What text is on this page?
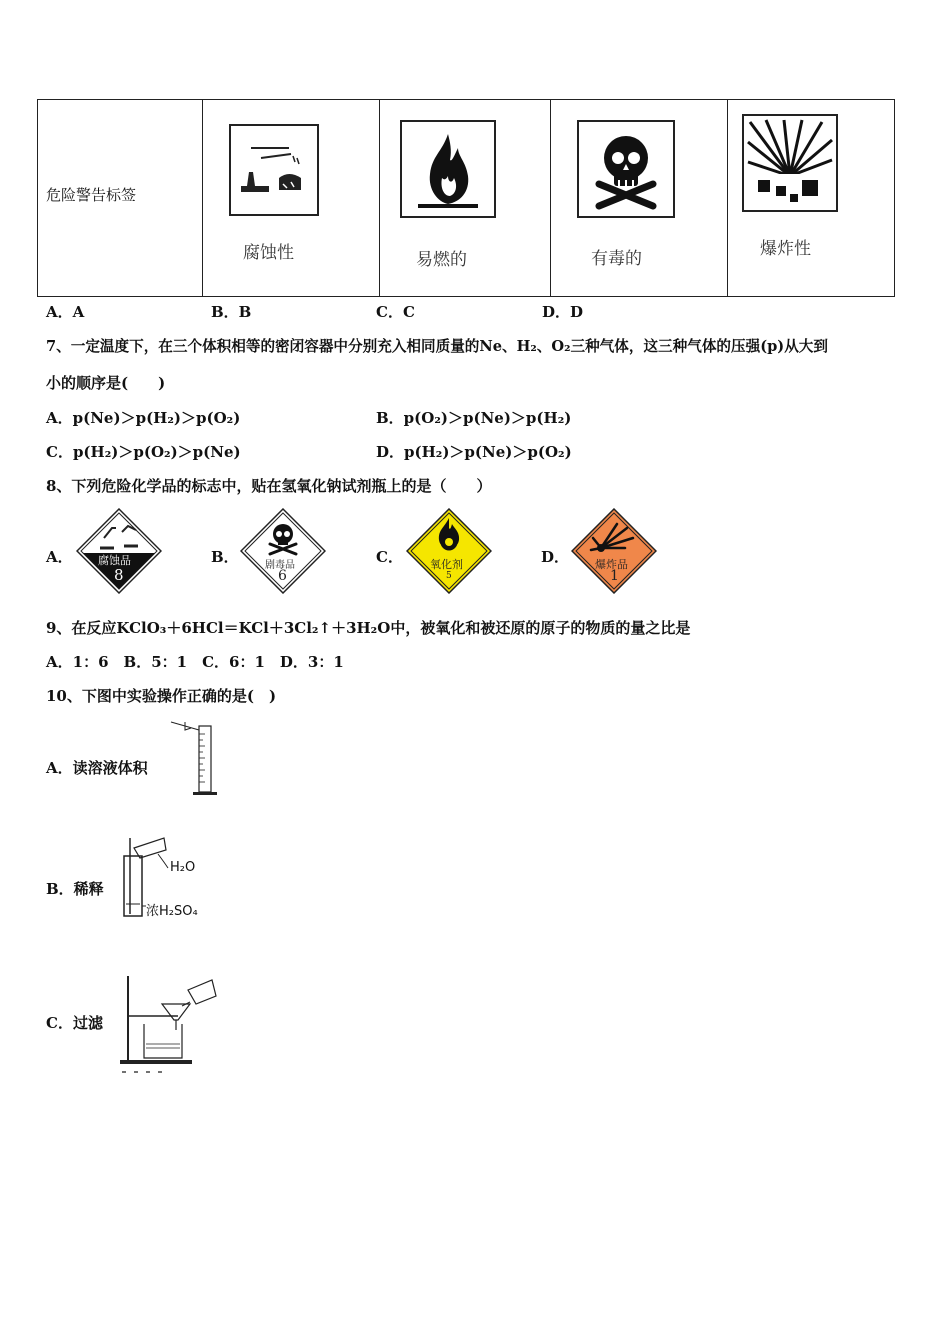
危险警告标签

腐蚀性	易燃的	有毒的	爆炸性
A．A	B．B	C．C	D．D
7、一定温度下，在三个体积相等的密闭容器中分别充入相同质量的Ne、H₂、O₂三种气体，这三种气体的压强(p)从大到
小的顺序是(　　)
A．p(Ne)＞p(H₂)＞p(O₂)	B．p(O₂)＞p(Ne)＞p(H₂)
C．p(H₂)＞p(O₂)＞p(Ne)	D．p(H₂)＞p(Ne)＞p(O₂)
8、下列危险化学品的标志中，贴在氢氧化钠试剂瓶上的是（　　）
A． 腐蚀品
8
B．	剧毒品
6
C． 氧化剂
5
D． 爆炸品
1
9、在反应KClO₃＋6HCl＝KCl＋3Cl₂↑＋3H₂O中，被氧化和被还原的原子的物质的量之比是
A．1：6　B．5：1　C．6：1　D．3：1
10、下图中实验操作正确的是(　)
A．读溶液体积
B．稀释
H₂O
浓H₂SO₄
C．过滤
